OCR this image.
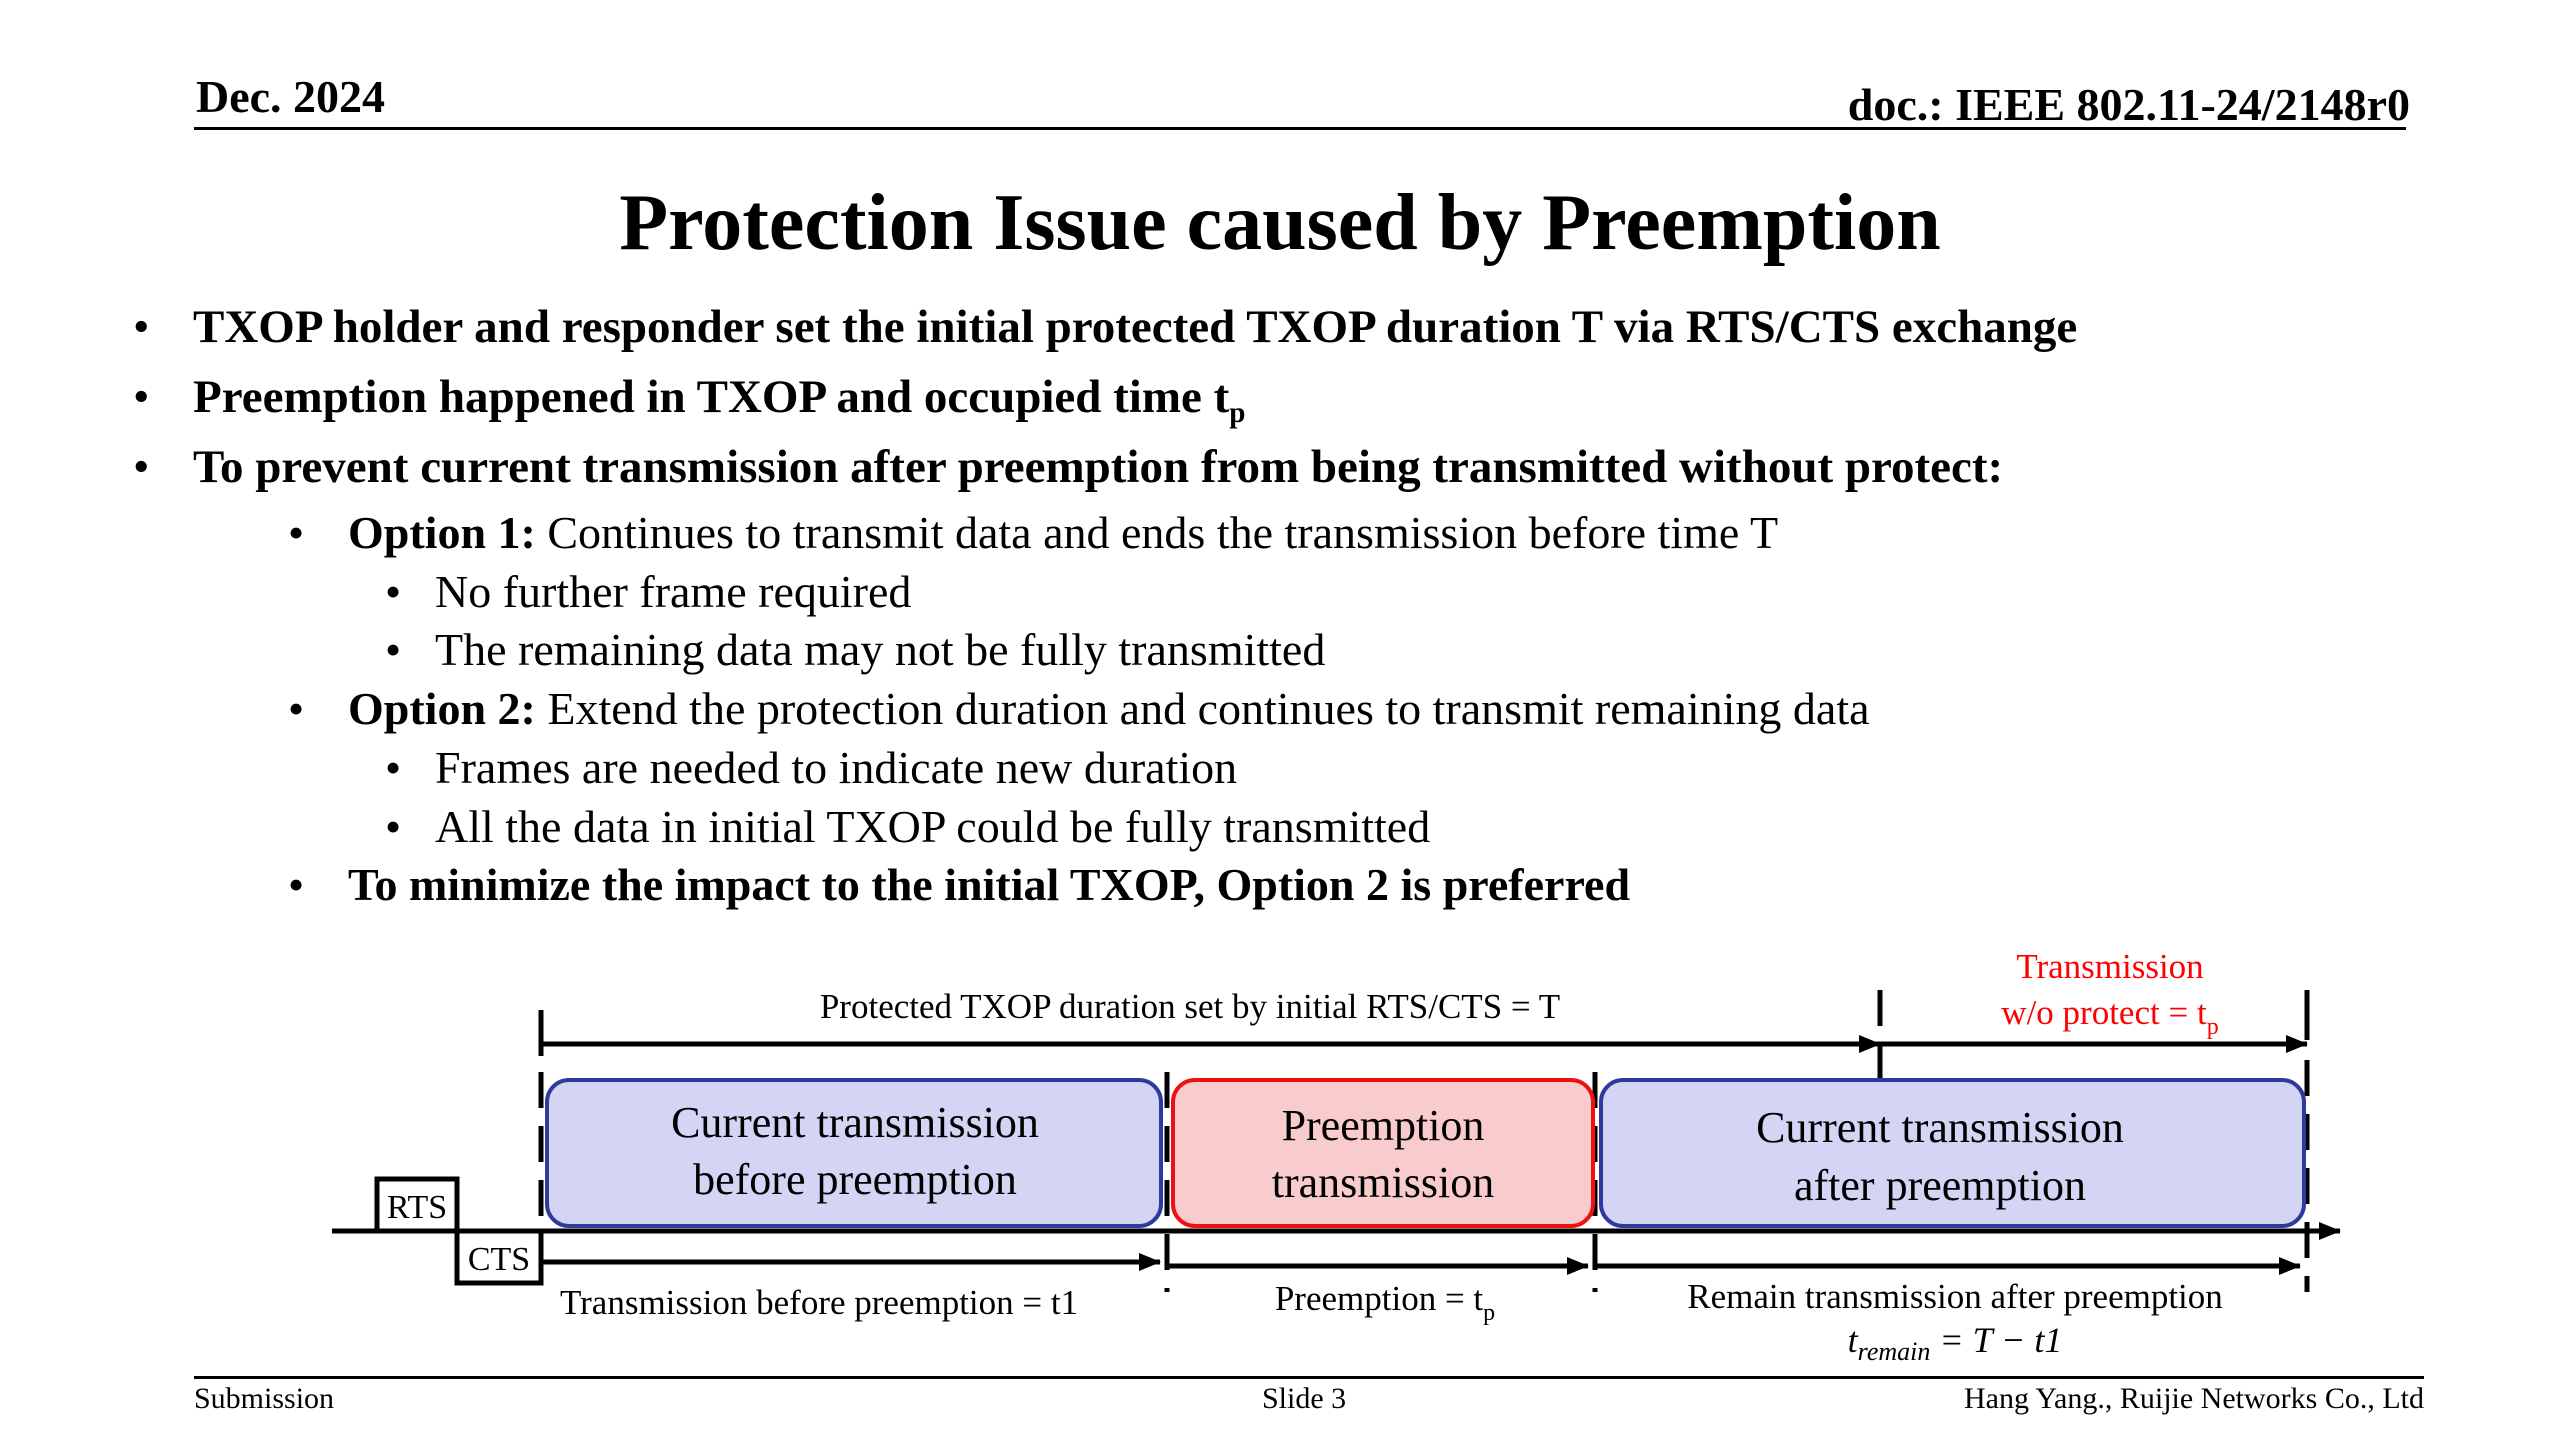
Dec. 2024	doc.: IEEE 802.11-24/2148r0
Protection Issue caused by Preemption
• TXOP holder and responder set the initial protected TXOP duration T via RTS/CTS exchange
• Preemption happened in TXOP and occupied time $t_p$
• To prevent current transmission after preemption from being transmitted without protect:
• Option 1: Continues to transmit data and ends the transmission before time T
• No further frame required
• The remaining data may not be fully transmitted
• Option 2: Extend the protection duration and continues to transmit remaining data
• Frames are needed to indicate new duration
• All the data in initial TXOP could be fully transmitted
• To minimize the impact to the initial TXOP, Option 2 is preferred
Protected TXOP duration set by initial RTS/CTS = T
Transmission
w/o protect = $t_p$
Current transmission
before preemption
Preemption
transmission
Current transmission
after preemption
RTS
CTS
Transmission before preemption = t1	Preemption = $t_p$	Remain transmission after preemption
$t_{remain} = T - t1$
Submission	Slide 3	Hang Yang., Ruijie Networks Co., Ltd
